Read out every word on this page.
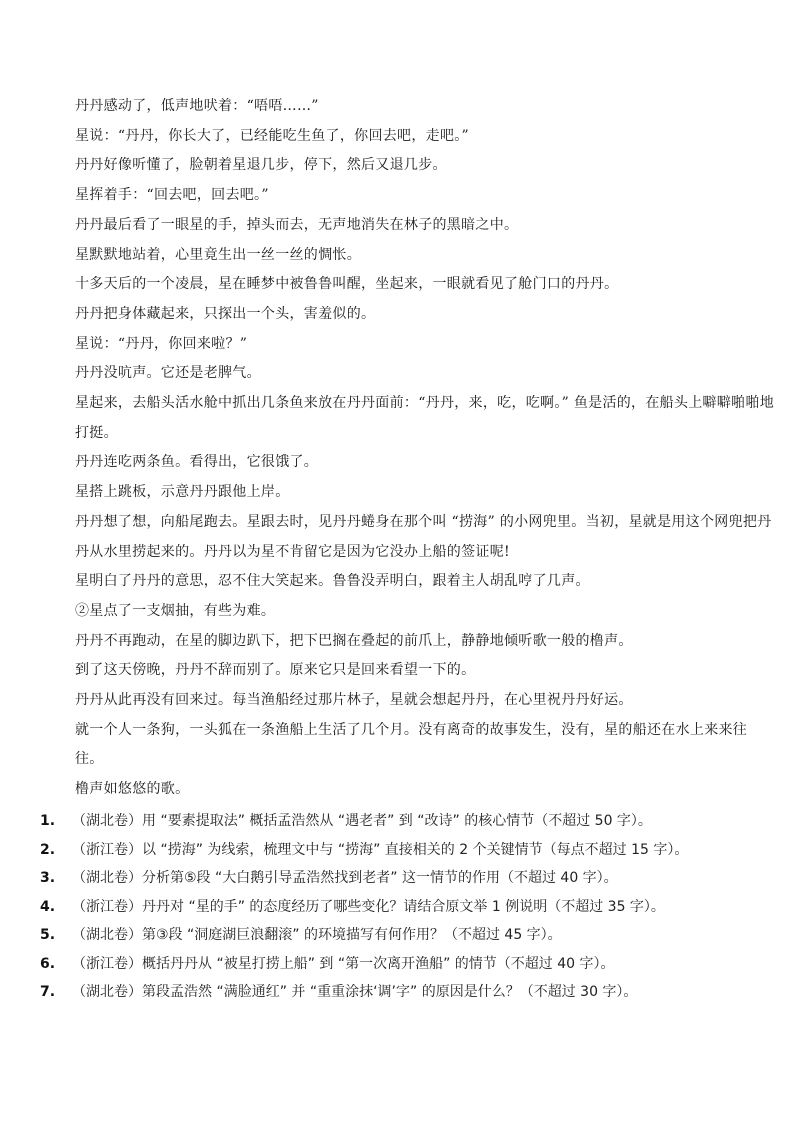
丹丹感动了，低声地吠着：“唔唔……”

星说：“丹丹，你长大了，已经能吃生鱼了，你回去吧，走吧。”

丹丹好像听懂了，脸朝着星退几步，停下，然后又退几步。

星挥着手：“回去吧，回去吧。”

丹丹最后看了一眼星的手，掉头而去，无声地消失在林子的黑暗之中。

星默默地站着，心里竟生出一丝一丝的惆怅。

十多天后的一个凌晨，星在睡梦中被鲁鲁叫醒，坐起来，一眼就看见了舱门口的丹丹。

丹丹把身体藏起来，只探出一个头，害羞似的。

星说：“丹丹，你回来啦？”

丹丹没吭声。它还是老脾气。

星起来，去船头活水舱中抓出几条鱼来放在丹丹面前：“丹丹，来，吃，吃啊。” 鱼是活的，在船头上噼噼啪啪地打挺。

丹丹连吃两条鱼。看得出，它很饿了。

星搭上跳板，示意丹丹跟他上岸。

丹丹想了想，向船尾跑去。星跟去时，见丹丹蜷身在那个叫 “捞海” 的小网兜里。当初，星就是用这个网兜把丹丹从水里捞起来的。丹丹以为星不肯留它是因为它没办上船的签证呢!

星明白了丹丹的意思，忍不住大笑起来。鲁鲁没弄明白，跟着主人胡乱哼了几声。

②星点了一支烟抽，有些为难。

丹丹不再跑动，在星的脚边趴下，把下巴搁在叠起的前爪上，静静地倾听歌一般的橹声。

到了这天傍晚，丹丹不辞而别了。原来它只是回来看望一下的。

丹丹从此再没有回来过。每当渔船经过那片林子，星就会想起丹丹，在心里祝丹丹好运。

就一个人一条狗，一头狐在一条渔船上生活了几个月。没有离奇的故事发生，没有，星的船还在水上来来往往。

橹声如悠悠的歌。

1.	（湖北卷）用 “要素提取法” 概括孟浩然从 “遇老者” 到 “改诗” 的核心情节（不超过 50 字）。
2.	（浙江卷）以 “捞海” 为线索，梳理文中与 “捞海” 直接相关的 2 个关键情节（每点不超过 15 字）。
3.	（湖北卷）分析第⑤段 “大白鹅引导孟浩然找到老者” 这一情节的作用（不超过 40 字）。
4.	（浙江卷）丹丹对 “星的手” 的态度经历了哪些变化？请结合原文举 1 例说明（不超过 35 字）。
5.	（湖北卷）第③段 “洞庭湖巨浪翻滚” 的环境描写有何作用？（不超过 45 字）。
6.	（浙江卷）概括丹丹从 “被星打捞上船” 到 “第一次离开渔船” 的情节（不超过 40 字）。
7.	（湖北卷）第段孟浩然 “满脸通红” 并 “重重涂抹‘调’字” 的原因是什么？（不超过 30 字）。
